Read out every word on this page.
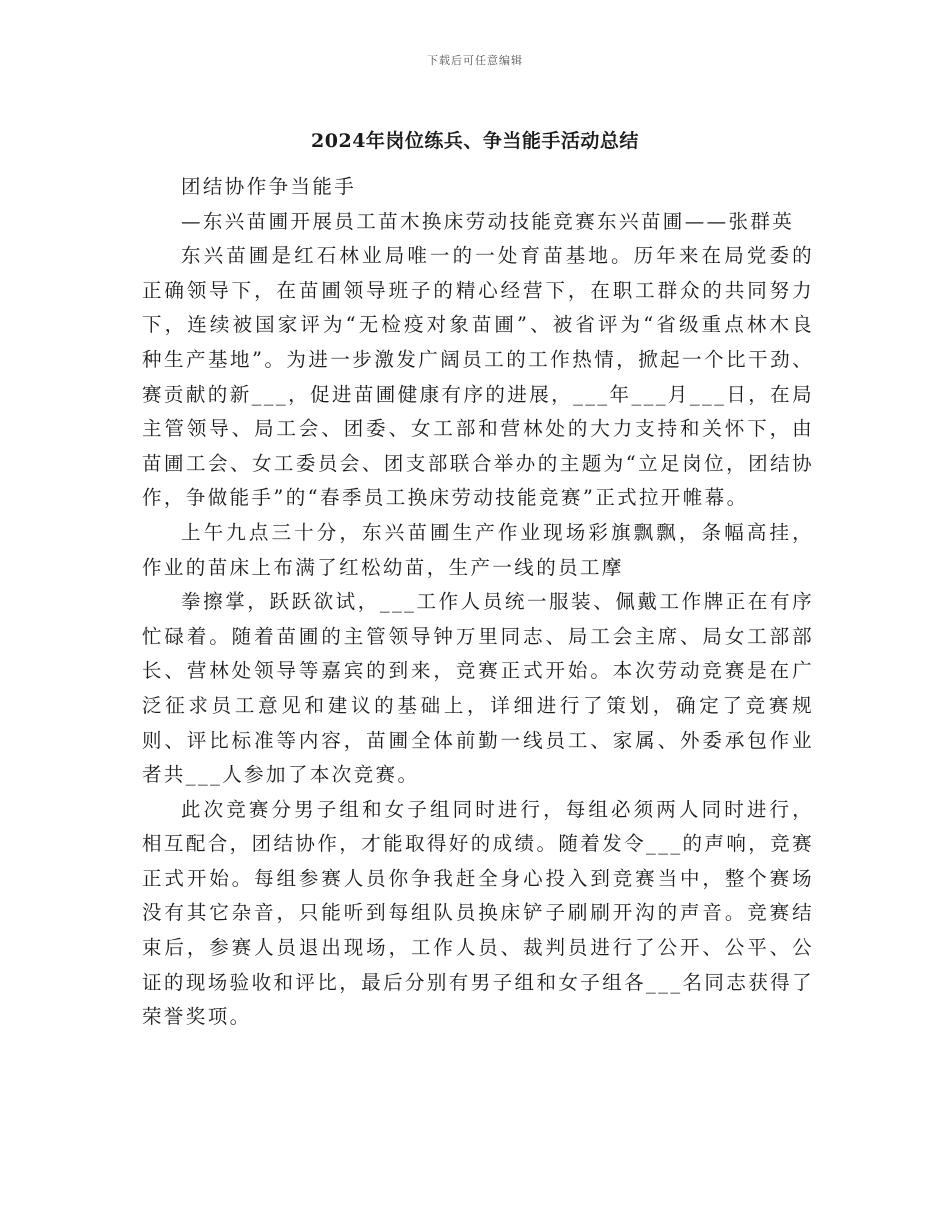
下载后可任意编辑
2024年岗位练兵、争当能手活动总结

团结协作争当能手

—东兴苗圃开展员工苗木换床劳动技能竞赛东兴苗圃——张群英

东兴苗圃是红石林业局唯一的一处育苗基地。历年来在局党委的正确领导下，在苗圃领导班子的精心经营下，在职工群众的共同努力下，连续被国家评为“无检疫对象苗圃”、被省评为“省级重点林木良种生产基地”。为进一步激发广阔员工的工作热情，掀起一个比干劲、赛贡献的新___，促进苗圃健康有序的进展，___年___月___日，在局主管领导、局工会、团委、女工部和营林处的大力支持和关怀下，由苗圃工会、女工委员会、团支部联合举办的主题为“立足岗位，团结协作，争做能手”的“春季员工换床劳动技能竞赛”正式拉开帷幕。

上午九点三十分，东兴苗圃生产作业现场彩旗飘飘，条幅高挂，作业的苗床上布满了红松幼苗，生产一线的员工摩

拳擦掌，跃跃欲试，___工作人员统一服装、佩戴工作牌正在有序忙碌着。随着苗圃的主管领导钟万里同志、局工会主席、局女工部部长、营林处领导等嘉宾的到来，竞赛正式开始。本次劳动竞赛是在广泛征求员工意见和建议的基础上，详细进行了策划，确定了竞赛规则、评比标准等内容，苗圃全体前勤一线员工、家属、外委承包作业者共___人参加了本次竞赛。

此次竞赛分男子组和女子组同时进行，每组必须两人同时进行，相互配合，团结协作，才能取得好的成绩。随着发令___的声响，竞赛正式开始。每组参赛人员你争我赶全身心投入到竞赛当中，整个赛场没有其它杂音，只能听到每组队员换床铲子刷刷开沟的声音。竞赛结束后，参赛人员退出现场，工作人员、裁判员进行了公开、公平、公证的现场验收和评比，最后分别有男子组和女子组各___名同志获得了荣誉奖项。
